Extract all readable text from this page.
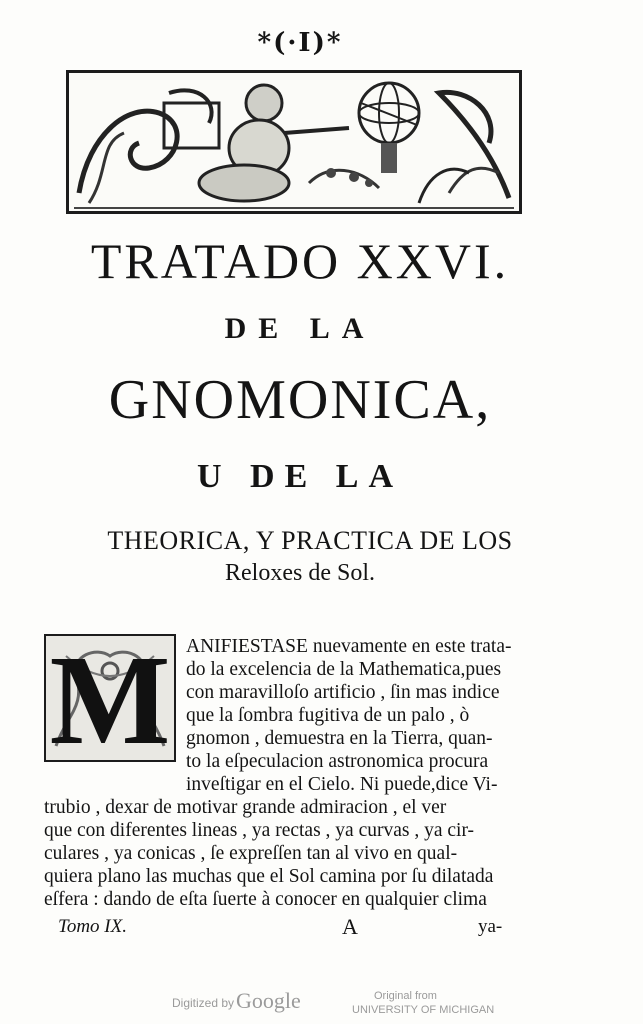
*(·I)*
TRATADO XXVI.
DE LA
GNOMONICA,
U DE LA
THEORICA, Y PRACTICA DE LOS
Reloxes de Sol.
M ANIFIESTASE nuevamente en este trata-
do la excelencia de la Mathematica,pues
con maravilloſo artificio , ſin mas indice
que la ſombra fugitiva de un palo , ò
gnomon , demuestra en la Tierra, quan-
to la eſpeculacion astronomica procura
inveſtigar en el Cielo. Ni puede,dice Vi-
trubio , dexar de motivar grande admiracion , el ver
que con diferentes lineas , ya rectas , ya curvas , ya cir-
culares , ya conicas , ſe expreſſen tan al vivo en qual-
quiera plano las muchas que el Sol camina por ſu dilatada
eſfera : dando de eſta ſuerte à conocer en qualquier clima
Tomo IX.	A	ya-
Digitized by Google	Original from
UNIVERSITY OF MICHIGAN
